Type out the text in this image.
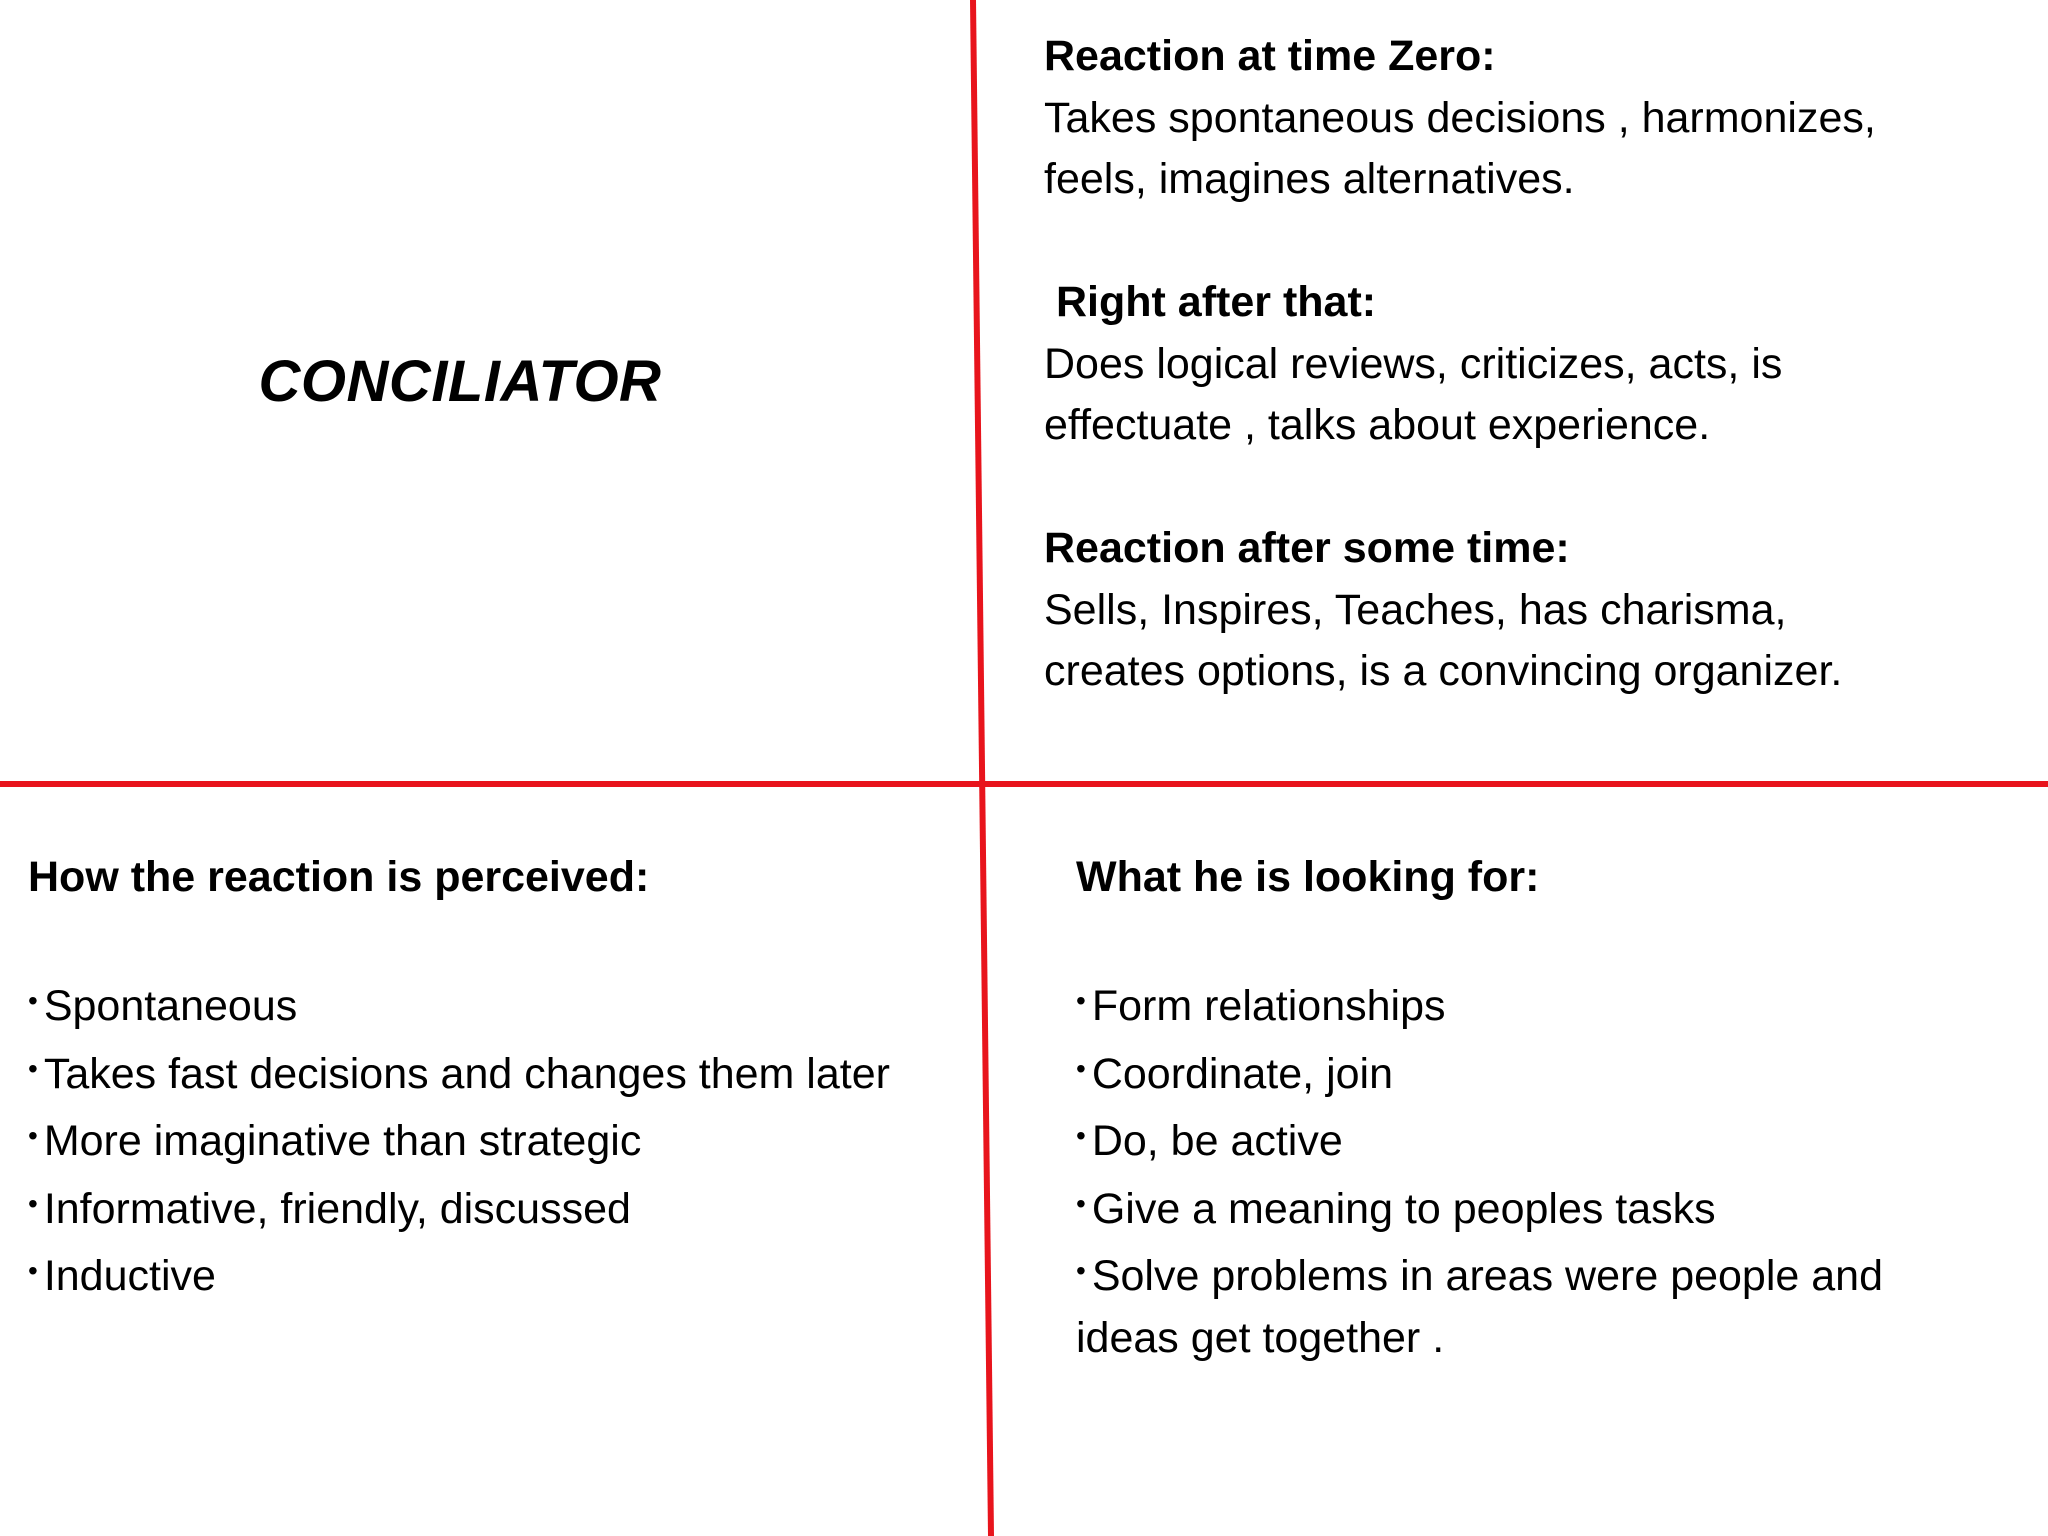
CONCILIATOR
Reaction at time Zero:
Takes spontaneous decisions , harmonizes,
feels, imagines alternatives.
Right after that:
Does logical reviews, criticizes, acts, is
effectuate , talks about experience.
Reaction after some time:
Sells, Inspires, Teaches, has charisma,
creates options, is a convincing organizer.
How the reaction is perceived:
• Spontaneous
• Takes fast decisions and changes them later
• More imaginative than strategic
• Informative, friendly, discussed
• Inductive
What he is looking for:
• Form relationships
• Coordinate, join
• Do, be active
• Give a meaning to peoples tasks
• Solve problems in areas were people and
ideas get together .
